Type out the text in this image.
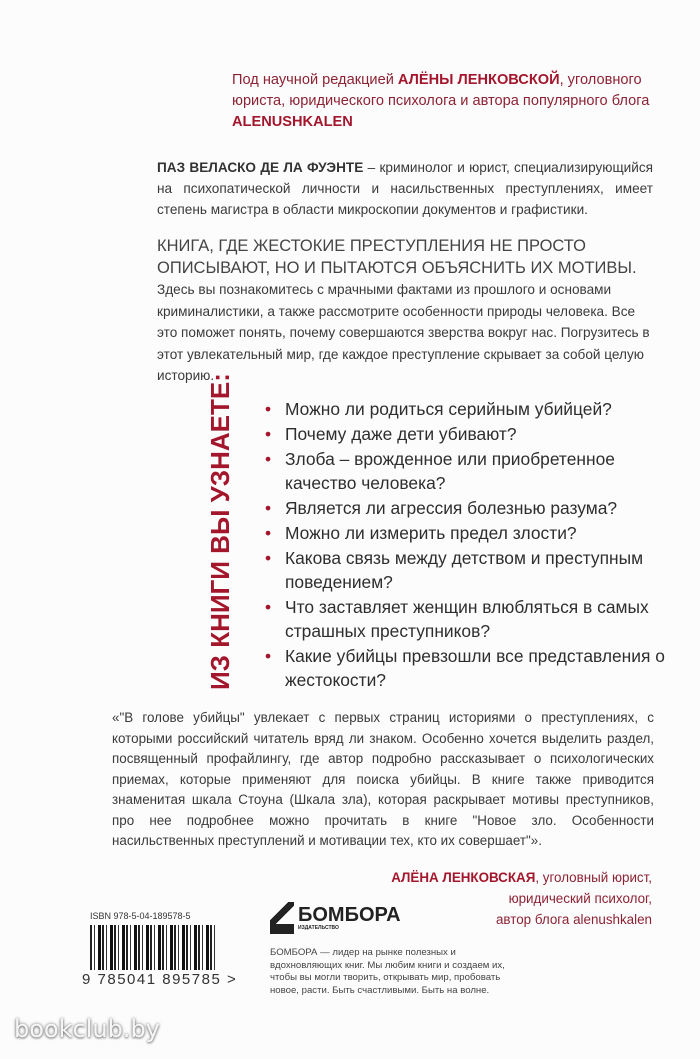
Под научной редакцией АЛЁНЫ ЛЕНКОВСКОЙ, уголовного юриста, юридического психолога и автора популярного блога ALENUSHKALEN
ПАЗ ВЕЛАСКО ДЕ ЛА ФУЭНТЕ – криминолог и юрист, специализирующийся на психопатической личности и насильственных преступлениях, имеет степень магистра в области микроскопии документов и графистики.
КНИГА, ГДЕ ЖЕСТОКИЕ ПРЕСТУПЛЕНИЯ НЕ ПРОСТО ОПИСЫВАЮТ, НО И ПЫТАЮТСЯ ОБЪЯСНИТЬ ИХ МОТИВЫ. Здесь вы познакомитесь с мрачными фактами из прошлого и основами криминалистики, а также рассмотрите особенности природы человека. Все это поможет понять, почему совершаются зверства вокруг нас. Погрузитесь в этот увлекательный мир, где каждое преступление скрывает за собой целую историю.
ИЗ КНИГИ ВЫ УЗНАЕТЕ:	• Можно ли родиться серийным убийцей?
• Почему даже дети убивают?
• Злоба – врожденное или приобретенное качество человека?
• Является ли агрессия болезнью разума?
• Можно ли измерить предел злости?
• Какова связь между детством и преступным поведением?
• Что заставляет женщин влюбляться в самых страшных преступников?
• Какие убийцы превзошли все представления о жестокости?
«"В голове убийцы" увлекает с первых страниц историями о преступлениях, с которыми российский читатель вряд ли знаком. Особенно хочется выделить раздел, посвященный профайлингу, где автор подробно рассказывает о психологических приемах, которые применяют для поиска убийцы. В книге также приводится знаменитая шкала Стоуна (Шкала зла), которая раскрывает мотивы преступников, про нее подробнее можно прочитать в книге "Новое зло. Особенности насильственных преступлений и мотивации тех, кто их совершает"».
АЛЁНА ЛЕНКОВСКАЯ, уголовный юрист,
юридический психолог,
автор блога alenushkalen
ISBN 978-5-04-189578-5
9 785041 895785 >
БОМБОРА
ИЗДАТЕЛЬСТВО
БОМБОРА — лидер на рынке полезных и вдохновляющих книг. Мы любим книги и создаем их, чтобы вы могли творить, открывать мир, пробовать новое, расти. Быть счастливыми. Быть на волне.
bookclub.by
